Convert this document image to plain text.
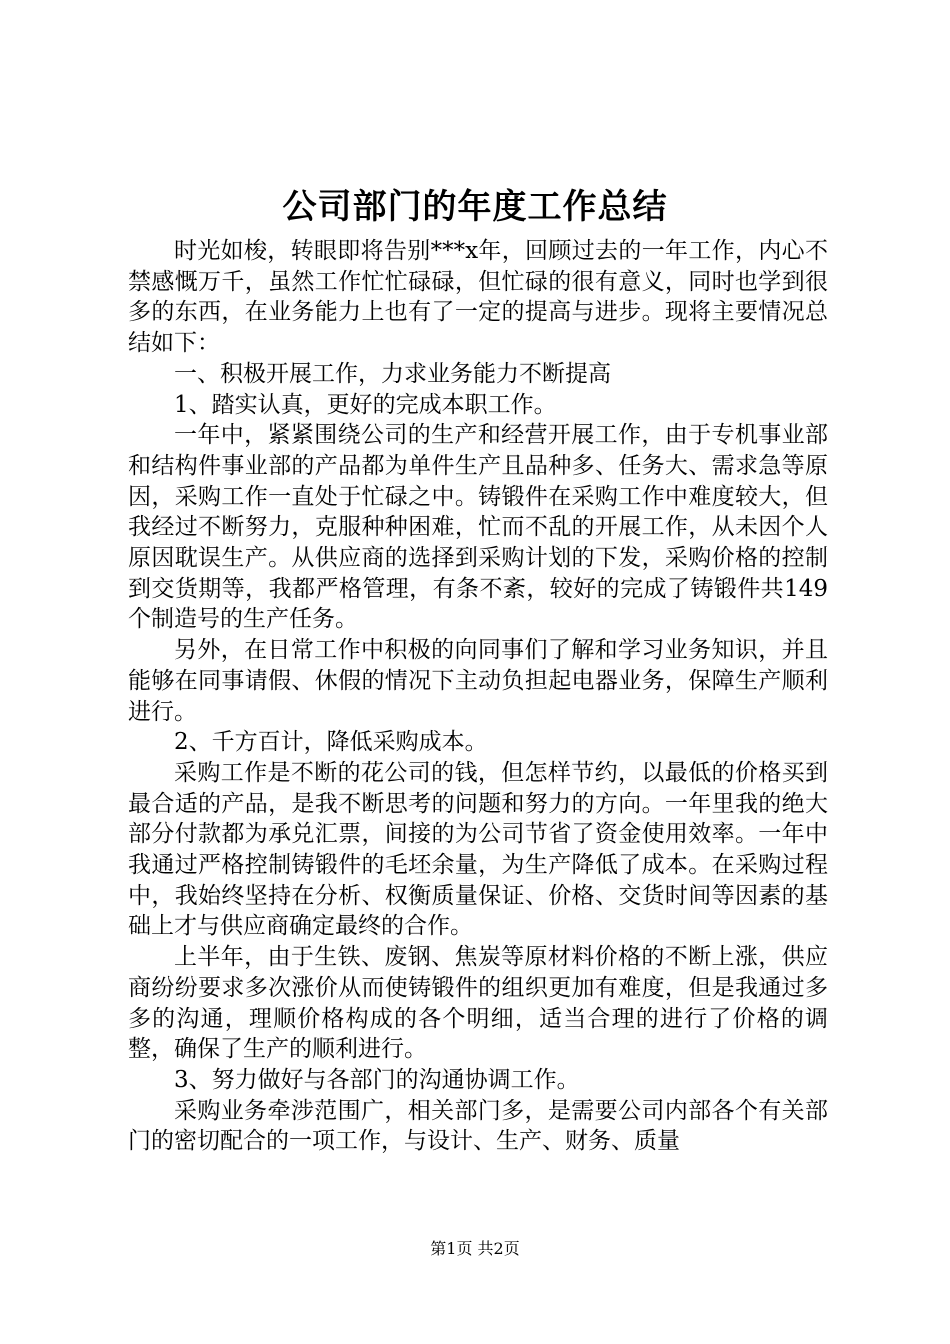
公司部门的年度工作总结

时光如梭，转眼即将告别***x年，回顾过去的一年工作，内心不禁感慨万千，虽然工作忙忙碌碌，但忙碌的很有意义，同时也学到很多的东西，在业务能力上也有了一定的提高与进步。现将主要情况总结如下：

一、积极开展工作，力求业务能力不断提高

1、踏实认真，更好的完成本职工作。

一年中，紧紧围绕公司的生产和经营开展工作，由于专机事业部和结构件事业部的产品都为单件生产且品种多、任务大、需求急等原因，采购工作一直处于忙碌之中。铸锻件在采购工作中难度较大，但我经过不断努力，克服种种困难，忙而不乱的开展工作，从未因个人原因耽误生产。从供应商的选择到采购计划的下发，采购价格的控制到交货期等，我都严格管理，有条不紊，较好的完成了铸锻件共149个制造号的生产任务。

另外，在日常工作中积极的向同事们了解和学习业务知识，并且能够在同事请假、休假的情况下主动负担起电器业务，保障生产顺利进行。

2、千方百计，降低采购成本。

采购工作是不断的花公司的钱，但怎样节约，以最低的价格买到最合适的产品，是我不断思考的问题和努力的方向。一年里我的绝大部分付款都为承兑汇票，间接的为公司节省了资金使用效率。一年中我通过严格控制铸锻件的毛坯余量，为生产降低了成本。在采购过程中，我始终坚持在分析、权衡质量保证、价格、交货时间等因素的基础上才与供应商确定最终的合作。

上半年，由于生铁、废钢、焦炭等原材料价格的不断上涨，供应商纷纷要求多次涨价从而使铸锻件的组织更加有难度，但是我通过多多的沟通，理顺价格构成的各个明细，适当合理的进行了价格的调整，确保了生产的顺利进行。

3、努力做好与各部门的沟通协调工作。

采购业务牵涉范围广，相关部门多，是需要公司内部各个有关部门的密切配合的一项工作，与设计、生产、财务、质量

第1页 共2页
